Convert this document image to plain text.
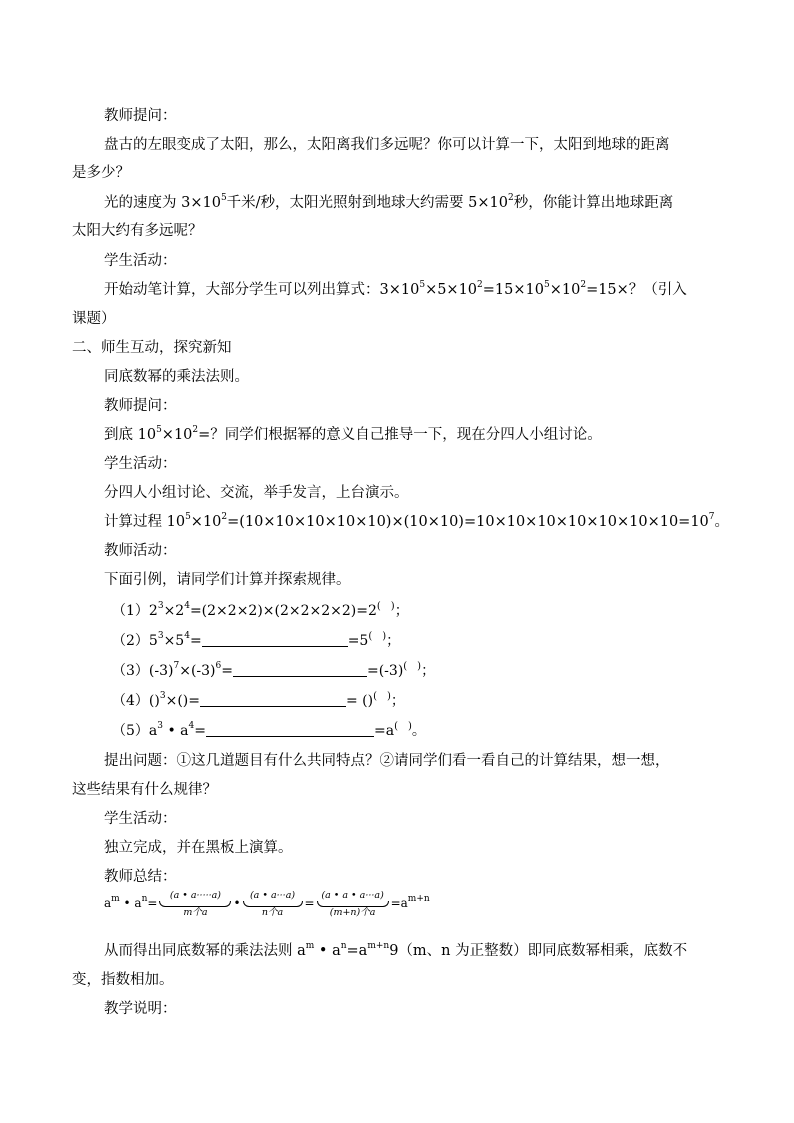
教师提问：
盘古的左眼变成了太阳，那么，太阳离我们多远呢？你可以计算一下，太阳到地球的距离
是多少？
光的速度为 $3\times 10^5$千米/秒，太阳光照射到地球大约需要 $5\times 10^2$秒，你能计算出地球距离
太阳大约有多远呢？
学生活动：
开始动笔计算，大部分学生可以列出算式：$3\times 10^5\times 5\times 10^2=15\times 10^5\times 10^2=15\times$？（引入
课题）
二、师生互动，探究新知
同底数幂的乘法法则。
教师提问：
到底 $10^5\times 10^2=$？同学们根据幂的意义自己推导一下，现在分四人小组讨论。
学生活动：
分四人小组讨论、交流，举手发言，上台演示。
计算过程 $10^5\times 10^2=(10\times 10\times 10\times 10\times 10)\times(10\times 10)=10\times 10\times 10\times 10\times 10\times 10\times 10=10^7$。
教师活动：
下面引例，请同学们计算并探索规律。
$(1)2^3\times 2^4=(2\times 2\times 2)\times(2\times 2\times 2\times 2)=2^{( )}$；
$(2)5^3\times 5^4=$	=5(　)；
$(3)(-3)^7\times(-3)^6=$	=(-3)(　)；
（4）()$^3$×()=	= ()(　)；
$(5)a^3$ • $a^4=$	=a(　)。
提出问题：①这几道题目有什么共同特点？②请同学们看一看自己的计算结果，想一想，
这些结果有什么规律？
学生活动：
独立完成，并在黑板上演算。
教师总结：
$a^m$ • $a^n=$
(a • a·····a)
m个a
•
(a • a···a)
n个a
=
(a • a • a···a)
(m+n)个a
$=a^{m+n}$
从而得出同底数幂的乘法法则 $a^m$ • $a^n=a^{m+n}9(m$、n 为正整数）即同底数幂相乘，底数不
变，指数相加。
教学说明：
